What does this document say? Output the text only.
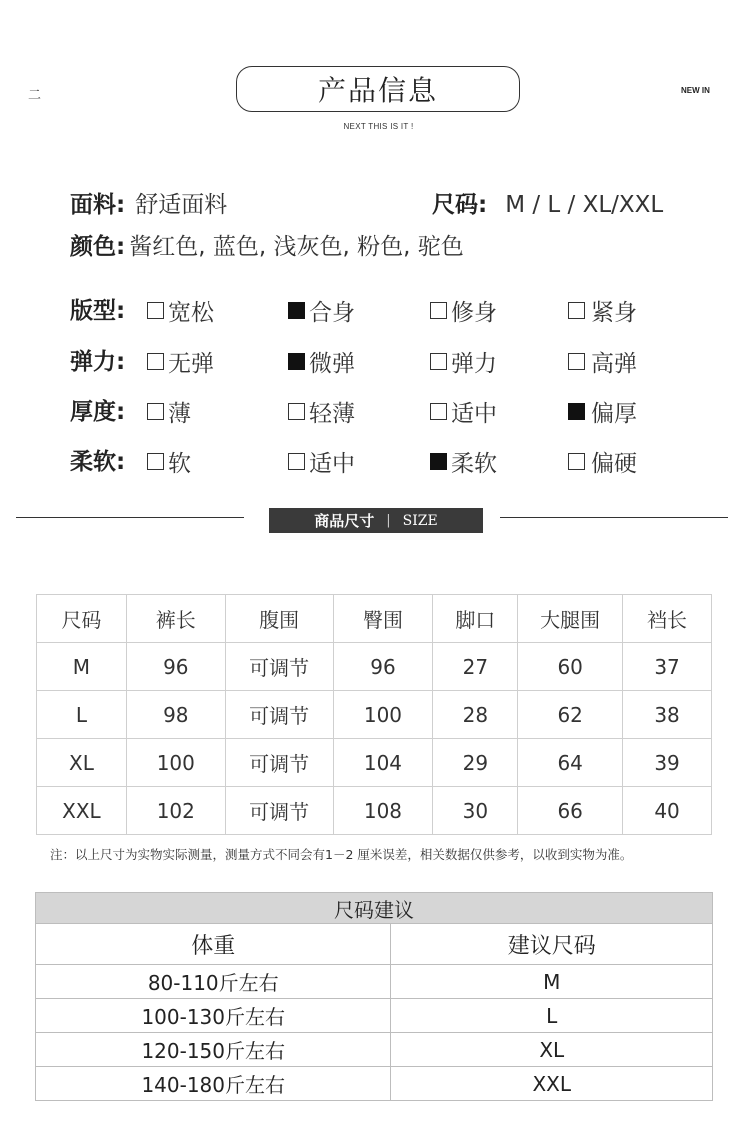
二	产品信息
NEXT THIS IS IT !
NEW IN
面料: 舒适面料	尺码: M / L / XL/XXL
颜色: 酱红色, 蓝色, 浅灰色, 粉色, 驼色
版型: 宽松	合身	修身	紧身
弹力: 无弹	微弹	弹力	高弹
厚度: 薄	轻薄	适中	偏厚
柔软: 软	适中	柔软	偏硬
商品尺寸 | SIZE
尺码	裤长	腹围	臀围	脚口	大腿围	裆长
M	96	可调节	96	27	60	37
L	98	可调节	100	28	62	38
XL	100	可调节	104	29	64	39
XXL	102	可调节	108	30	66	40
注：以上尺寸为实物实际测量，测量方式不同会有1－2 厘米误差，相关数据仅供参考，以收到实物为准。
尺码建议	
体重	建议尺码
80-110斤左右	M
100-130斤左右	L
120-150斤左右	XL
140-180斤左右	XXL
